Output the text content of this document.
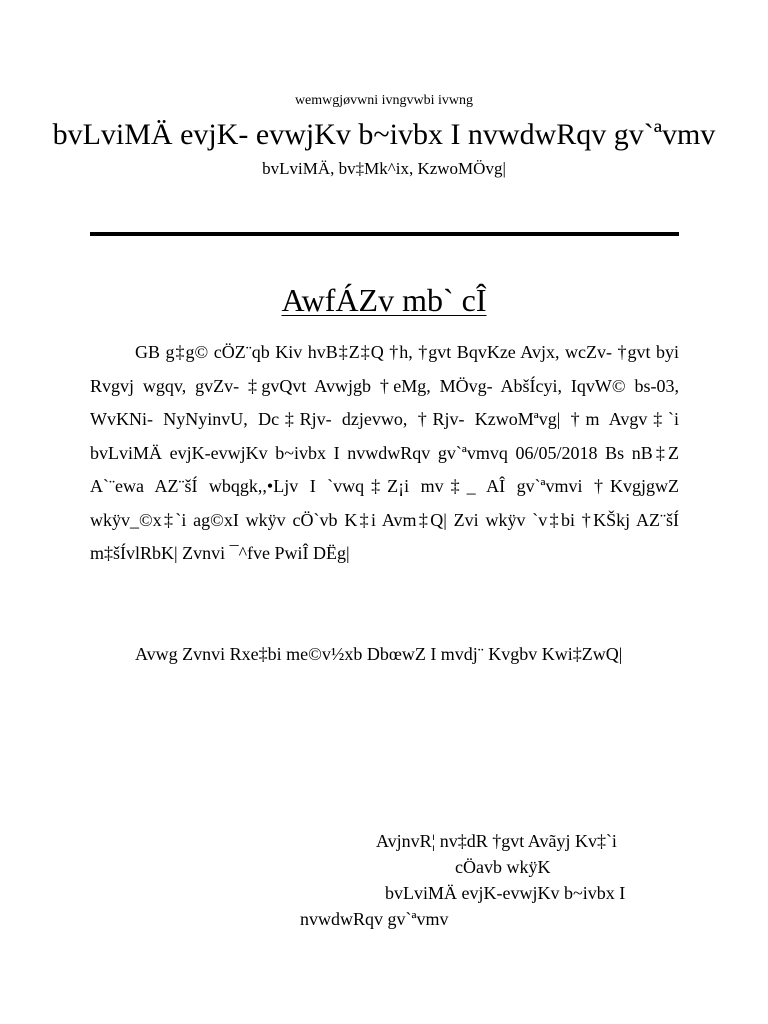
wemwgjøvwni ivngvwbi ivwng
bvLviMÄ evjK- evwjKv b~ivbx I nvwdwRqv gv`ªvmv
bvLviMÄ, bv‡Mk^ix, KzwoMÖvg|
AwfÁZv mb` cÎ

GB g‡g© cÖZ¨qb Kiv hvB‡Z‡Q †h, †gvt BqvKze Avjx, wcZv- †gvt byi Rvgvj wgqv, gvZv- ‡gvQvt Avwjgb †eMg, MÖvg- AbšÍcyi, IqvW© bs-03, WvKNi- NyNyinvU, Dc‡Rjv- dzjevwo, †Rjv- KzwoMªvg| †m Avgv‡`i bvLviMÄ evjK-evwjKv b~ivbx I nvwdwRqv gv`ªvmvq 06/05/2018 Bs nB‡Z A`¨ewa AZ¨šÍ wbqgk,,•Ljv I `vwq‡Z¡i mv‡_ AÎ gv`ªvmvi †KvgjgwZ wkÿv_©x‡`i ag©xI wkÿv cÖ`vb K‡i Avm‡Q| Zvi wkÿv `v‡bi †KŠkj AZ¨šÍ m‡šÍvlRbK| Zvnvi ¯^fve PwiÎ DËg|

Avwg Zvnvi Rxe‡bi me©v½xb DbœwZ I mvdj¨ Kvgbv Kwi‡ZwQ|

AvjnvR¦ nv‡dR †gvt Avãyj Kv‡`i
cÖavb wkÿK
bvLviMÄ evjK-evwjKv b~ivbx I
nvwdwRqv gv`ªvmv
